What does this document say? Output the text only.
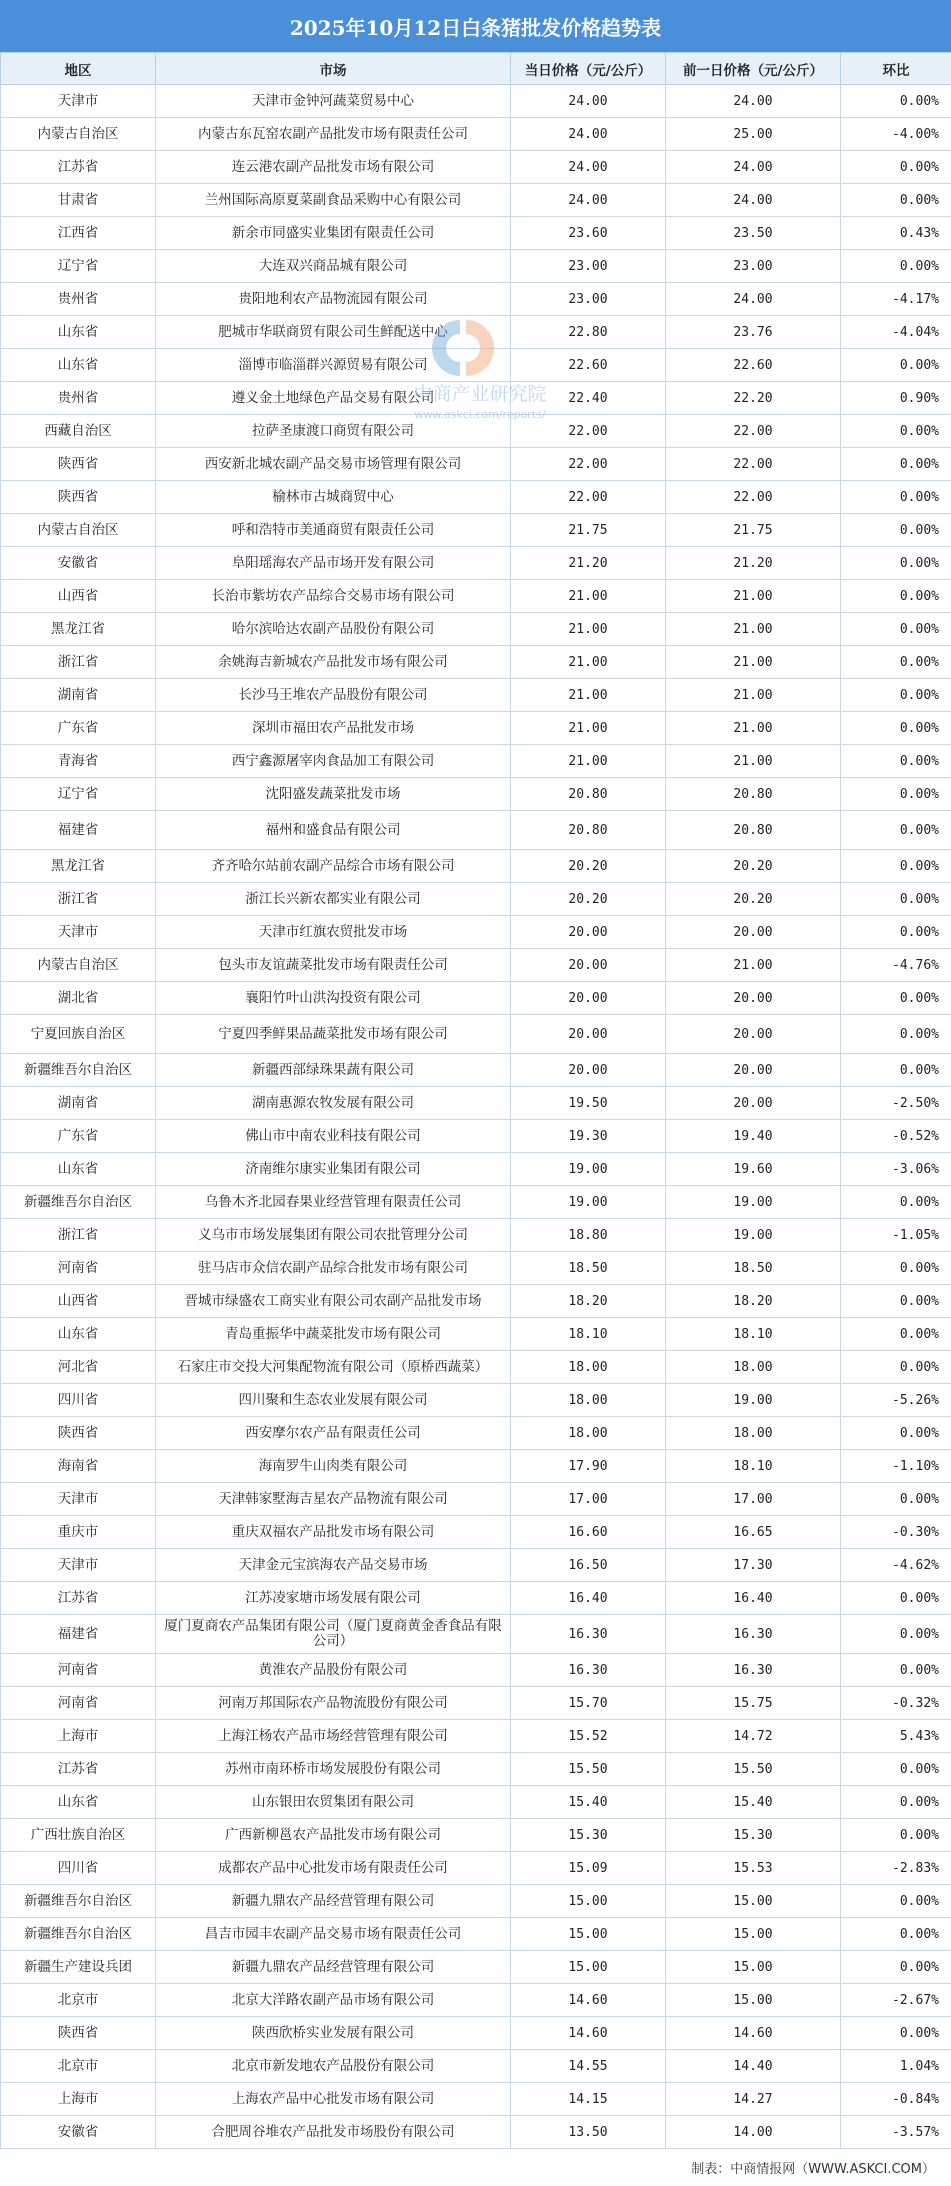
2025年10月12日白条猪批发价格趋势表
地区	市场	当日价格（元/公斤）	前一日价格（元/公斤）	环比
天津市	天津市金钟河蔬菜贸易中心	24.00	24.00	0.00%
内蒙古自治区	内蒙古东瓦窑农副产品批发市场有限责任公司	24.00	25.00	-4.00%
江苏省	连云港农副产品批发市场有限公司	24.00	24.00	0.00%
甘肃省	兰州国际高原夏菜副食品采购中心有限公司	24.00	24.00	0.00%
江西省	新余市同盛实业集团有限责任公司	23.60	23.50	0.43%
辽宁省	大连双兴商品城有限公司	23.00	23.00	0.00%
贵州省	贵阳地利农产品物流园有限公司	23.00	24.00	-4.17%
山东省	肥城市华联商贸有限公司生鲜配送中心	22.80	23.76	-4.04%
山东省	淄博市临淄群兴源贸易有限公司	22.60	22.60	0.00%
贵州省	遵义金土地绿色产品交易有限公司	22.40	22.20	0.90%
西藏自治区	拉萨圣康渡口商贸有限公司	22.00	22.00	0.00%
陕西省	西安新北城农副产品交易市场管理有限公司	22.00	22.00	0.00%
陕西省	榆林市古城商贸中心	22.00	22.00	0.00%
内蒙古自治区	呼和浩特市美通商贸有限责任公司	21.75	21.75	0.00%
安徽省	阜阳瑶海农产品市场开发有限公司	21.20	21.20	0.00%
山西省	长治市紫坊农产品综合交易市场有限公司	21.00	21.00	0.00%
黑龙江省	哈尔滨哈达农副产品股份有限公司	21.00	21.00	0.00%
浙江省	余姚海吉新城农产品批发市场有限公司	21.00	21.00	0.00%
湖南省	长沙马王堆农产品股份有限公司	21.00	21.00	0.00%
广东省	深圳市福田农产品批发市场	21.00	21.00	0.00%
青海省	西宁鑫源屠宰肉食品加工有限公司	21.00	21.00	0.00%
辽宁省	沈阳盛发蔬菜批发市场	20.80	20.80	0.00%
福建省	福州和盛食品有限公司	20.80	20.80	0.00%
黑龙江省	齐齐哈尔站前农副产品综合市场有限公司	20.20	20.20	0.00%
浙江省	浙江长兴新农都实业有限公司	20.20	20.20	0.00%
天津市	天津市红旗农贸批发市场	20.00	20.00	0.00%
内蒙古自治区	包头市友谊蔬菜批发市场有限责任公司	20.00	21.00	-4.76%
湖北省	襄阳竹叶山洪沟投资有限公司	20.00	20.00	0.00%
宁夏回族自治区	宁夏四季鲜果品蔬菜批发市场有限公司	20.00	20.00	0.00%
新疆维吾尔自治区	新疆西部绿珠果蔬有限公司	20.00	20.00	0.00%
湖南省	湖南惠源农牧发展有限公司	19.50	20.00	-2.50%
广东省	佛山市中南农业科技有限公司	19.30	19.40	-0.52%
山东省	济南维尔康实业集团有限公司	19.00	19.60	-3.06%
新疆维吾尔自治区	乌鲁木齐北园春果业经营管理有限责任公司	19.00	19.00	0.00%
浙江省	义乌市市场发展集团有限公司农批管理分公司	18.80	19.00	-1.05%
河南省	驻马店市众信农副产品综合批发市场有限公司	18.50	18.50	0.00%
山西省	晋城市绿盛农工商实业有限公司农副产品批发市场	18.20	18.20	0.00%
山东省	青岛重振华中蔬菜批发市场有限公司	18.10	18.10	0.00%
河北省	石家庄市交投大河集配物流有限公司（原桥西蔬菜）	18.00	18.00	0.00%
四川省	四川聚和生态农业发展有限公司	18.00	19.00	-5.26%
陕西省	西安摩尔农产品有限责任公司	18.00	18.00	0.00%
海南省	海南罗牛山肉类有限公司	17.90	18.10	-1.10%
天津市	天津韩家墅海吉星农产品物流有限公司	17.00	17.00	0.00%
重庆市	重庆双福农产品批发市场有限公司	16.60	16.65	-0.30%
天津市	天津金元宝滨海农产品交易市场	16.50	17.30	-4.62%
江苏省	江苏凌家塘市场发展有限公司	16.40	16.40	0.00%
福建省	厦门夏商农产品集团有限公司（厦门夏商黄金香食品有限公司）	16.30	16.30	0.00%
河南省	黄淮农产品股份有限公司	16.30	16.30	0.00%
河南省	河南万邦国际农产品物流股份有限公司	15.70	15.75	-0.32%
上海市	上海江杨农产品市场经营管理有限公司	15.52	14.72	5.43%
江苏省	苏州市南环桥市场发展股份有限公司	15.50	15.50	0.00%
山东省	山东银田农贸集团有限公司	15.40	15.40	0.00%
广西壮族自治区	广西新柳邕农产品批发市场有限公司	15.30	15.30	0.00%
四川省	成都农产品中心批发市场有限责任公司	15.09	15.53	-2.83%
新疆维吾尔自治区	新疆九鼎农产品经营管理有限公司	15.00	15.00	0.00%
新疆维吾尔自治区	昌吉市园丰农副产品交易市场有限责任公司	15.00	15.00	0.00%
新疆生产建设兵团	新疆九鼎农产品经营管理有限公司	15.00	15.00	0.00%
北京市	北京大洋路农副产品市场有限公司	14.60	15.00	-2.67%
陕西省	陕西欣桥实业发展有限公司	14.60	14.60	0.00%
北京市	北京市新发地农产品股份有限公司	14.55	14.40	1.04%
上海市	上海农产品中心批发市场有限公司	14.15	14.27	-0.84%
安徽省	合肥周谷堆农产品批发市场股份有限公司	13.50	14.00	-3.57%
中商产业研究院
www.askci.com/reports/
制表：中商情报网（WWW.ASKCI.COM）
